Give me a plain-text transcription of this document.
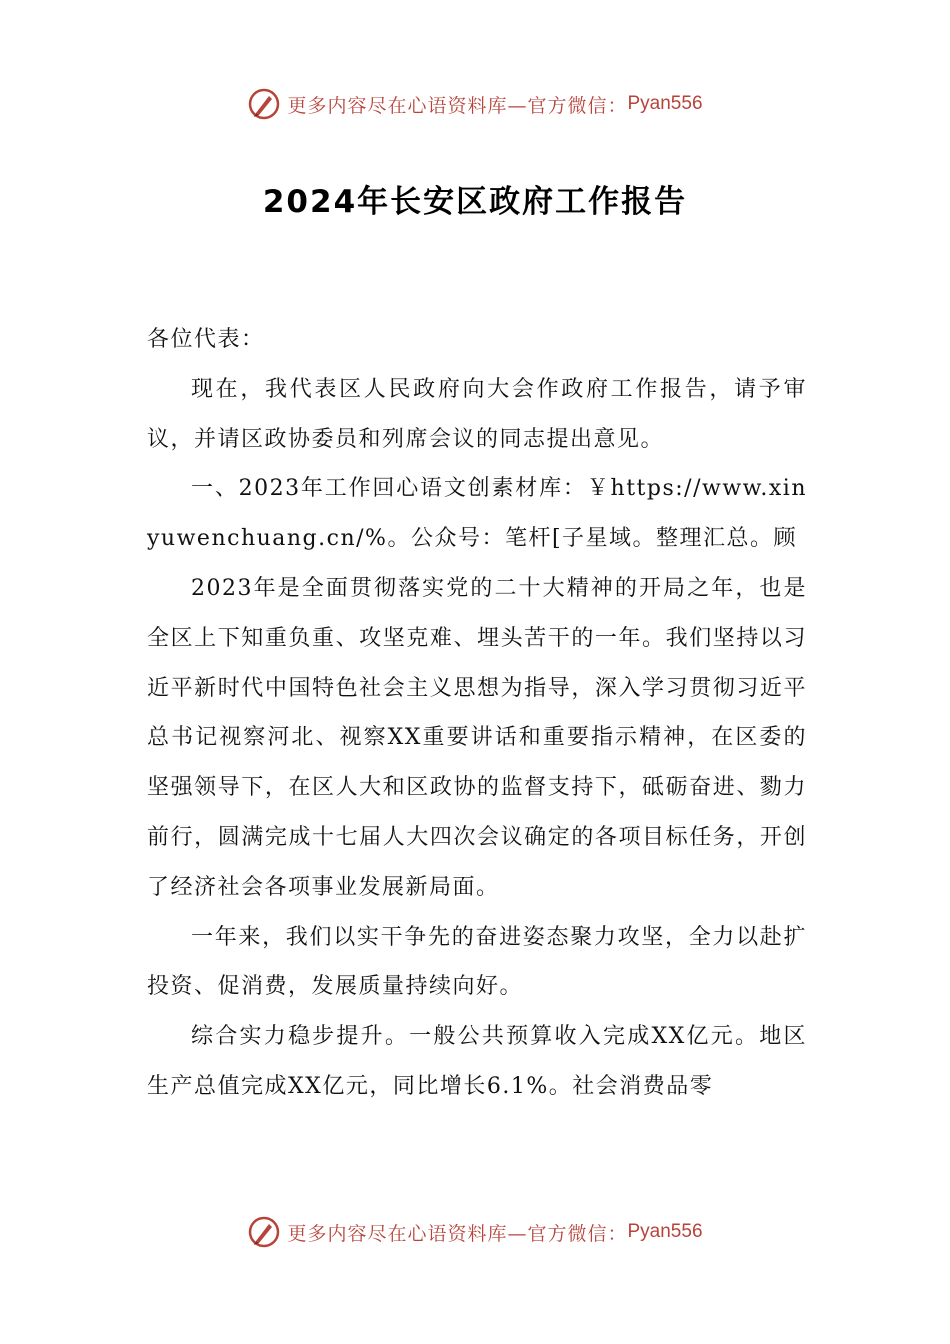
更多内容尽在心语资料库—官方微信： Pyan556
2024年长安区政府工作报告

各位代表：

现在，我代表区人民政府向大会作政府工作报告，请予审议，并请区政协委员和列席会议的同志提出意见。

一、2023年工作回心语文创素材库：￥https://www.xinyuwenchuang.cn/%。公众号：笔杆[子星域。整理汇总。顾

2023年是全面贯彻落实党的二十大精神的开局之年，也是全区上下知重负重、攻坚克难、埋头苦干的一年。我们坚持以习近平新时代中国特色社会主义思想为指导，深入学习贯彻习近平总书记视察河北、视察XX重要讲话和重要指示精神，在区委的坚强领导下，在区人大和区政协的监督支持下，砥砺奋进、勠力前行，圆满完成十七届人大四次会议确定的各项目标任务，开创了经济社会各项事业发展新局面。

一年来，我们以实干争先的奋进姿态聚力攻坚，全力以赴扩投资、促消费，发展质量持续向好。

综合实力稳步提升。一般公共预算收入完成XX亿元。地区生产总值完成XX亿元，同比增长6.1%。社会消费品零

更多内容尽在心语资料库—官方微信： Pyan556
